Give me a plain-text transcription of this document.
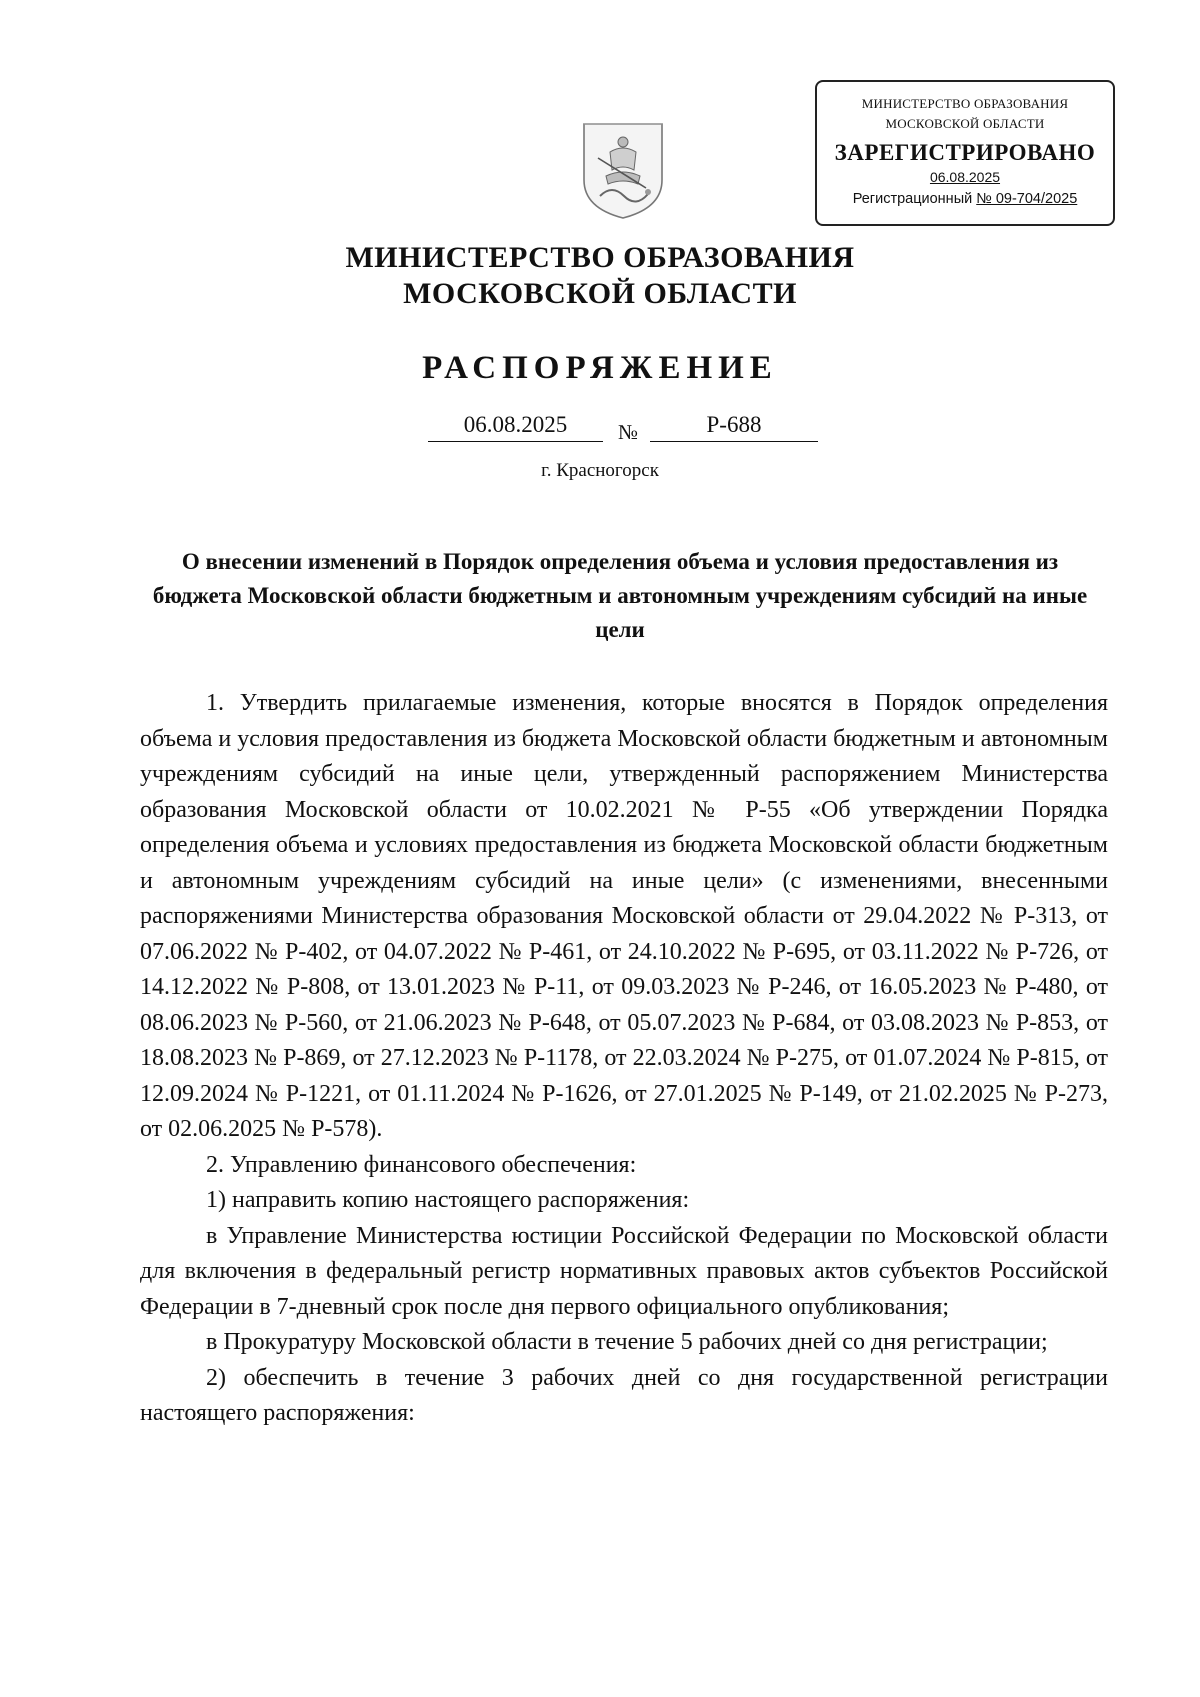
МИНИСТЕРСТВО ОБРАЗОВАНИЯ
МОСКОВСКОЙ ОБЛАСТИ
ЗАРЕГИСТРИРОВАНО
06.08.2025
Регистрационный № 09-704/2025
МИНИСТЕРСТВО ОБРАЗОВАНИЯ
МОСКОВСКОЙ ОБЛАСТИ
РАСПОРЯЖЕНИЕ
06.08.2025	№	Р-688
г. Красногорск
О внесении изменений в Порядок определения объема и условия предоставления из бюджета Московской области бюджетным и автономным учреждениям субсидий на иные цели

1. Утвердить прилагаемые изменения, которые вносятся в Порядок определения объема и условия предоставления из бюджета Московской области бюджетным и автономным учреждениям субсидий на иные цели, утвержденный распоряжением Министерства образования Московской области от 10.02.2021 № Р-55 «Об утверждении Порядка определения объема и условиях предоставления из бюджета Московской области бюджетным и автономным учреждениям субсидий на иные цели» (с изменениями, внесенными распоряжениями Министерства образования Московской области от 29.04.2022 № Р-313, от 07.06.2022 № Р-402, от 04.07.2022 № Р-461, от 24.10.2022 № Р-695, от 03.11.2022 № Р-726, от 14.12.2022 № Р-808, от 13.01.2023 № Р-11, от 09.03.2023 № Р-246, от 16.05.2023 № Р-480, от 08.06.2023 № Р-560, от 21.06.2023 № Р-648, от 05.07.2023 № Р-684, от 03.08.2023 № Р-853, от 18.08.2023 № Р-869, от 27.12.2023 № Р-1178, от 22.03.2024 № Р-275, от 01.07.2024 № Р-815, от 12.09.2024 № Р-1221, от 01.11.2024 № Р-1626, от 27.01.2025 № Р-149, от 21.02.2025 № Р-273, от 02.06.2025 № Р-578).

2. Управлению финансового обеспечения:

1) направить копию настоящего распоряжения:

в Управление Министерства юстиции Российской Федерации по Московской области для включения в федеральный регистр нормативных правовых актов субъектов Российской Федерации в 7-дневный срок после дня первого официального опубликования;

в Прокуратуру Московской области в течение 5 рабочих дней со дня регистрации;

2) обеспечить в течение 3 рабочих дней со дня государственной регистрации настоящего распоряжения:
